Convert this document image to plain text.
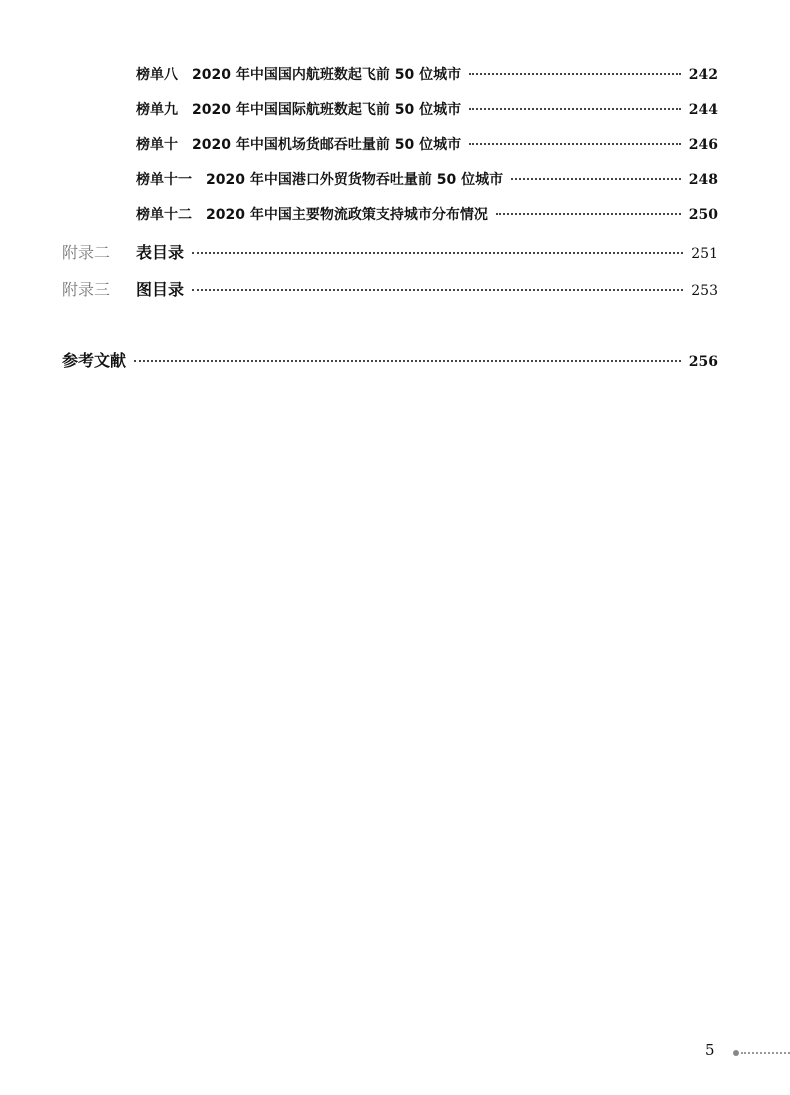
榜单八 2020 年中国国内航班数起飞前 50 位城市	242
榜单九 2020 年中国国际航班数起飞前 50 位城市	244
榜单十 2020 年中国机场货邮吞吐量前 50 位城市	246
榜单十一 2020 年中国港口外贸货物吞吐量前 50 位城市	248
榜单十二 2020 年中国主要物流政策支持城市分布情况	250
附录二	表目录	251
附录三	图目录	253
参考文献	256
5
